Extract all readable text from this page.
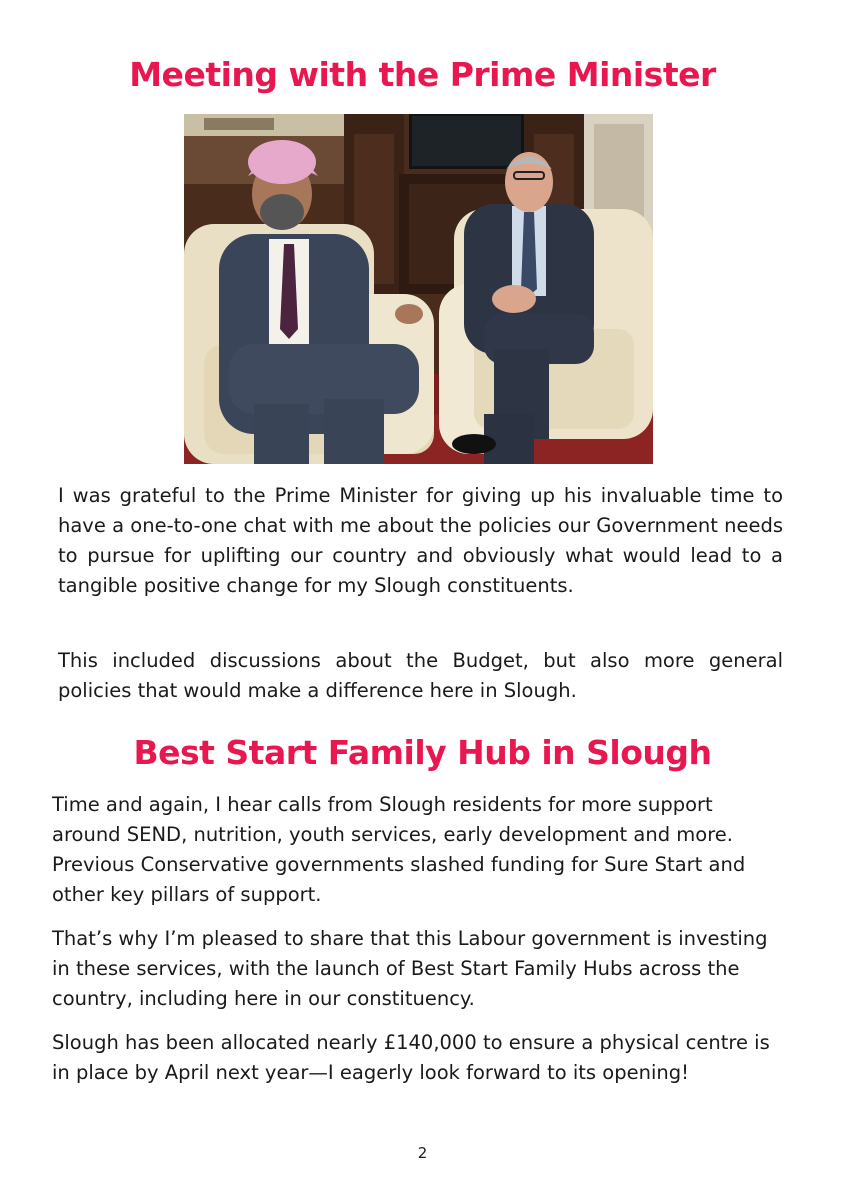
Meeting with the Prime Minister

I was grateful to the Prime Minister for giving up his invaluable time to have a one-to-one chat with me about the policies our Government needs to pursue for uplifting our country and obviously what would lead to a tangible positive change for my Slough constituents.

This included discussions about the Budget, but also more general policies that would make a difference here in Slough.

Best Start Family Hub in Slough

Time and again, I hear calls from Slough residents for more support around SEND, nutrition, youth services, early development and more. Previous Conservative governments slashed funding for Sure Start and other key pillars of support.

That’s why I’m pleased to share that this Labour government is investing in these services, with the launch of Best Start Family Hubs across the country, including here in our constituency.

Slough has been allocated nearly £140,000 to ensure a physical centre is in place by April next year—I eagerly look forward to its opening!

2
